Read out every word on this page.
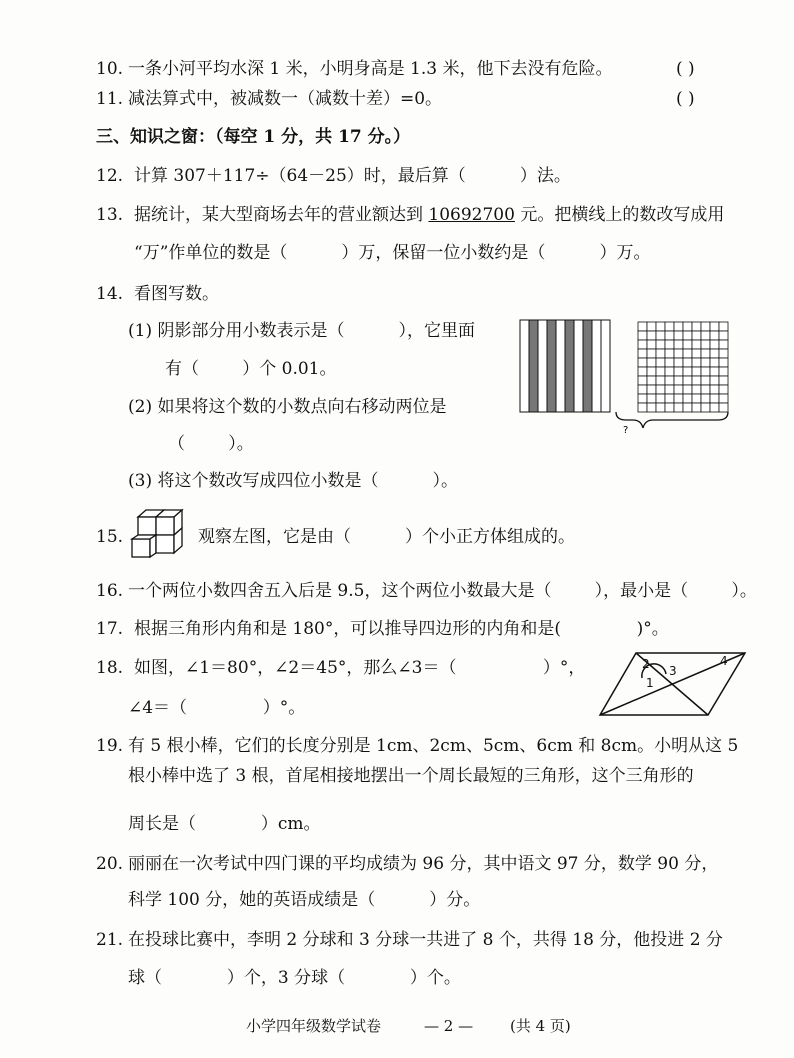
10. 一条小河平均水深 1 米，小明身高是 1.3 米，他下去没有危险。	( )
11. 减法算式中，被减数一（减数十差）=0。	( )
三、知识之窗：（每空 1 分，共 17 分。）
12. 计算 307＋117÷（64－25）时，最后算（          ）法。
13. 据统计，某大型商场去年的营业额达到 10692700 元。把横线上的数改写成用
“万”作单位的数是（          ）万，保留一位小数约是（          ）万。
14. 看图写数。
(1) 阴影部分用小数表示是（          ），它里面
有（        ）个 0.01。
(2) 如果将这个数的小数点向右移动两位是
（        ）。
(3) 将这个数改写成四位小数是（          ）。
?
15.	观察左图，它是由（          ）个小正方体组成的。
16. 一个两位小数四舍五入后是 9.5，这个两位小数最大是（        ），最小是（        ）。
17. 根据三角形内角和是 180°，可以推导四边形的内角和是(              )°。
18. 如图，∠1＝80°，∠2＝45°，那么∠3＝（                ）°，
∠4＝（              ）°。
2 3
4
1
19. 有 5 根小棒，它们的长度分别是 1cm、2cm、5cm、6cm 和 8cm。小明从这 5
根小棒中选了 3 根，首尾相接地摆出一个周长最短的三角形，这个三角形的
周长是（            ）cm。
20. 丽丽在一次考试中四门课的平均成绩为 96 分，其中语文 97 分，数学 90 分，
科学 100 分，她的英语成绩是（          ）分。
21. 在投球比赛中，李明 2 分球和 3 分球一共进了 8 个，共得 18 分，他投进 2 分
球（            ）个，3 分球（            ）个。
小学四年级数学试卷	— 2 — (共 4 页)
